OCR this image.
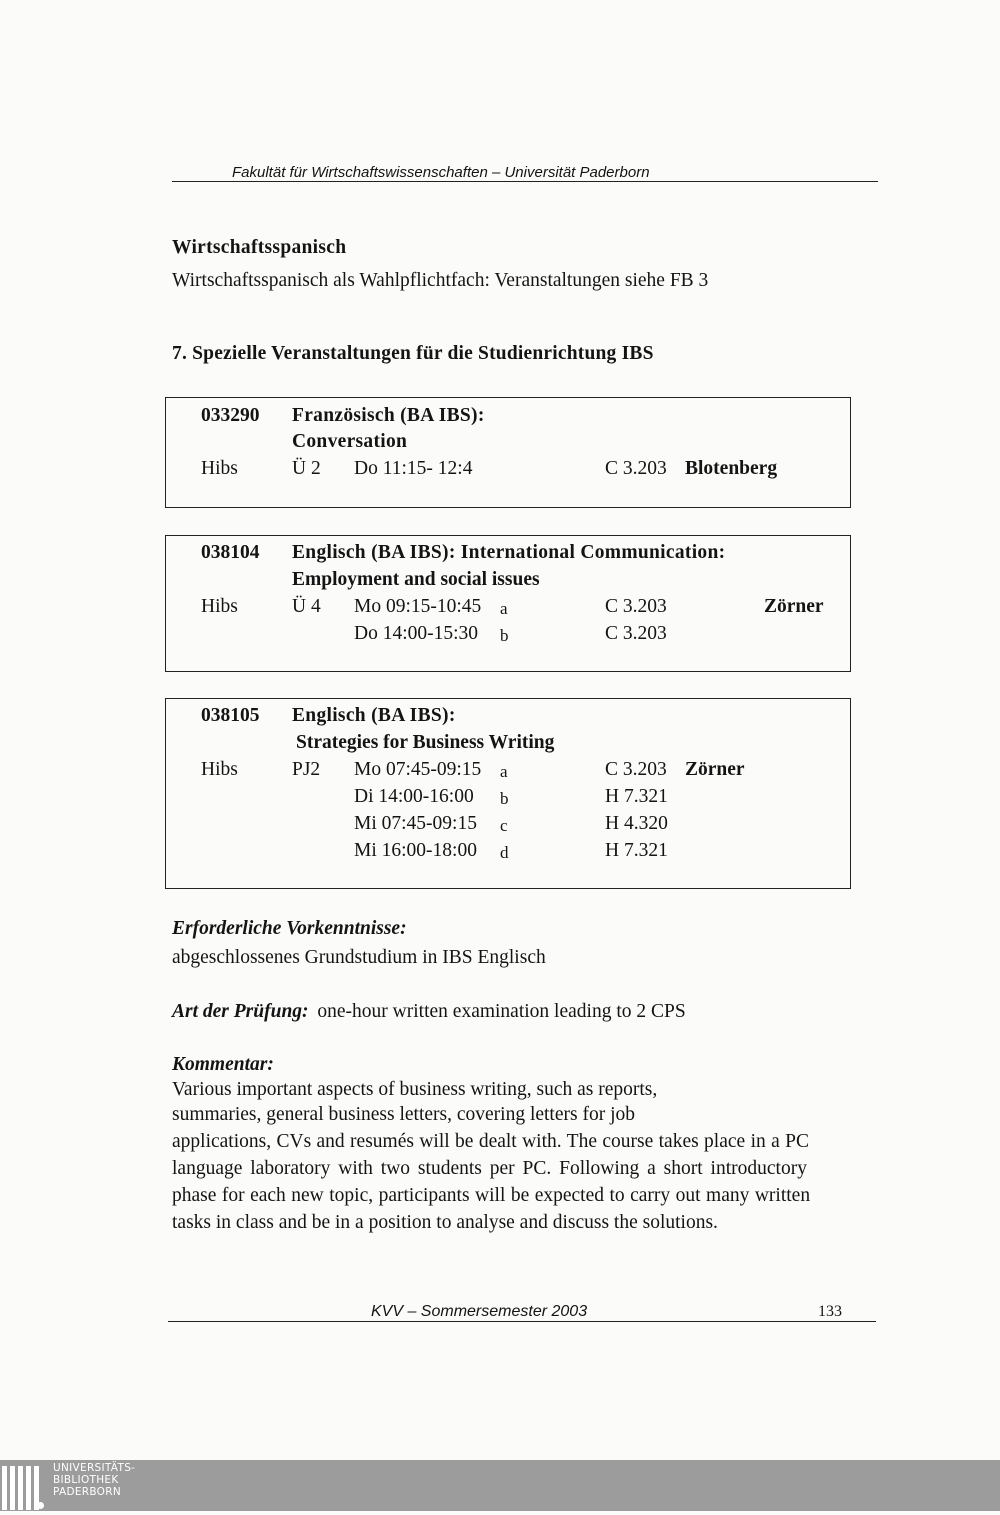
Fakultät für Wirtschaftswissenschaften – Universität Paderborn
Wirtschaftsspanisch
Wirtschaftsspanisch als Wahlpflichtfach: Veranstaltungen siehe FB 3
7. Spezielle Veranstaltungen für die Studienrichtung IBS
033290 Französisch (BA IBS):
Conversation
Hibs	Ü 2 Do 11:15- 12:4	C 3.203 Blotenberg
038104 Englisch (BA IBS): International Communication:
Employment and social issues
Hibs	Ü 4 Mo 09:15-10:45 a	C 3.203	Zörner
Do 14:00-15:30 b	C 3.203
038105 Englisch (BA IBS):
Strategies for Business Writing
Hibs	PJ2 Mo 07:45-09:15 a	C 3.203 Zörner
Di 14:00-16:00 b	H 7.321
Mi 07:45-09:15 c	H 4.320
Mi 16:00-18:00 d	H 7.321
Erforderliche Vorkenntnisse:
abgeschlossenes Grundstudium in IBS Englisch
Art der Prüfung: one-hour written examination leading to 2 CPS
Kommentar:
Various important aspects of business writing, such as reports,
summaries, general business letters, covering letters for job
applications, CVs and resumés will be dealt with. The course takes place in a PC
language laboratory with two students per PC. Following a short introductory
phase for each new topic, participants will be expected to carry out many written
tasks in class and be in a position to analyse and discuss the solutions.
KVV – Sommersemester 2003	133
UNIVERSITÄTS-
BIBLIOTHEK
PADERBORN
